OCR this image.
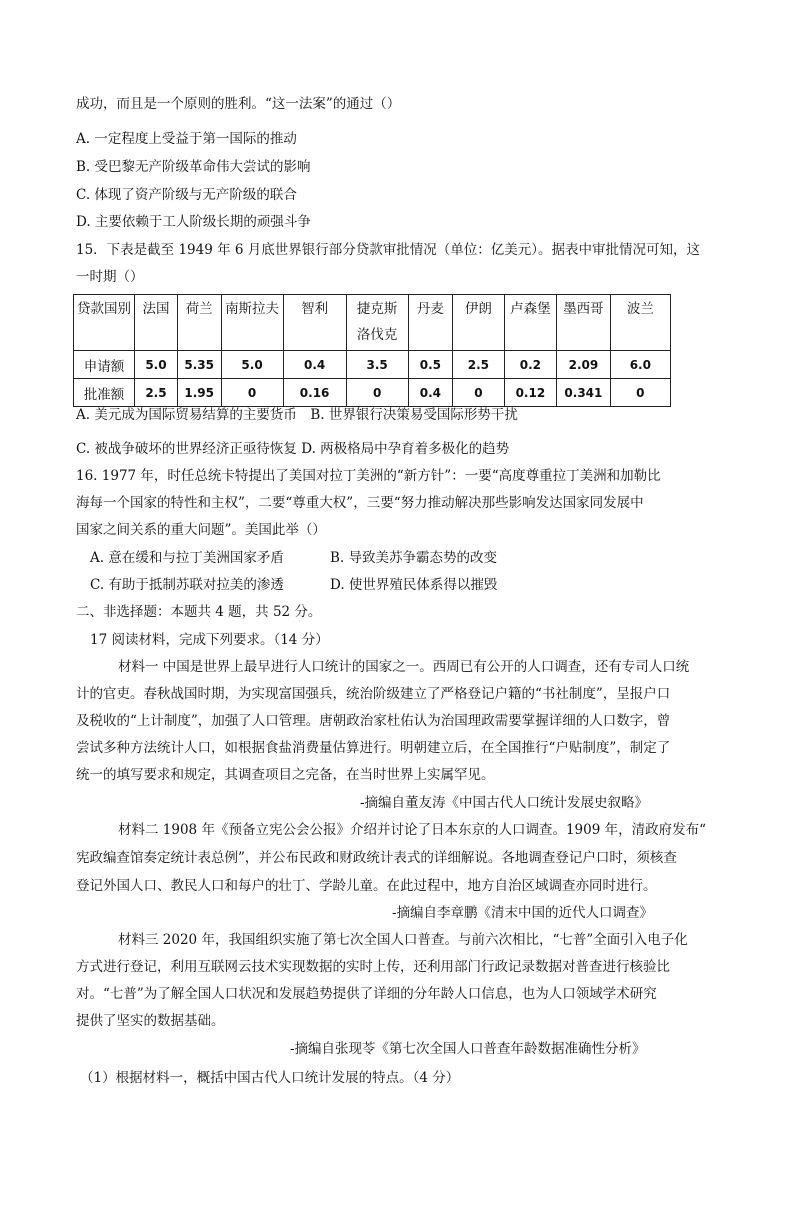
成功，而且是一个原则的胜利。“这一法案”的通过（）
A. 一定程度上受益于第一国际的推动
B. 受巴黎无产阶级革命伟大尝试的影响
C. 体现了资产阶级与无产阶级的联合
D. 主要依赖于工人阶级长期的顽强斗争
15．下表是截至 1949 年 6 月底世界银行部分贷款审批情况（单位：亿美元）。据表中审批情况可知，这
一时期（）
贷款国别	法国	荷兰	南斯拉夫	智利	捷克斯洛伐克	丹麦	伊朗	卢森堡	墨西哥	波兰
申请额	5.0	5.35	5.0	0.4	3.5	0.5	2.5	0.2	2.09	6.0
批准额	2.5	1.95	0	0.16	0	0.4	0	0.12	0.341	0
A. 美元成为国际贸易结算的主要货币　B. 世界银行决策易受国际形势干扰
C. 被战争破坏的世界经济正亟待恢复 D. 两极格局中孕育着多极化的趋势
16. 1977 年，时任总统卡特提出了美国对拉丁美洲的“新方针”：一要“高度尊重拉丁美洲和加勒比
海每一个国家的特性和主权”，二要“尊重大权”，三要“努力推动解决那些影响发达国家同发展中
国家之间关系的重大问题”。美国此举（）
A. 意在缓和与拉丁美洲国家矛盾	B. 导致美苏争霸态势的改变
C. 有助于抵制苏联对拉美的渗透	D. 使世界殖民体系得以摧毁
二、非选择题：本题共 4 题，共 52 分。
17 阅读材料，完成下列要求。（14 分）
材料一 中国是世界上最早进行人口统计的国家之一。西周已有公开的人口调查，还有专司人口统
计的官吏。春秋战国时期，为实现富国强兵，统治阶级建立了严格登记户籍的“书社制度”，呈报户口
及税收的“上计制度”，加强了人口管理。唐朝政治家杜佑认为治国理政需要掌握详细的人口数字，曾
尝试多种方法统计人口，如根据食盐消费量估算进行。明朝建立后，在全国推行“户贴制度”，制定了
统一的填写要求和规定，其调查项目之完备，在当时世界上实属罕见。
-摘编自董友涛《中国古代人口统计发展史叙略》
材料二 1908 年《预备立宪公会公报》介绍并讨论了日本东京的人口调查。1909 年，清政府发布“
宪政编查馆奏定统计表总例”，并公布民政和财政统计表式的详细解说。各地调查登记户口时，须核查
登记外国人口、教民人口和每户的壮丁、学龄儿童。在此过程中，地方自治区域调查亦同时进行。
-摘编自李章鹏《清末中国的近代人口调查》
材料三 2020 年，我国组织实施了第七次全国人口普查。与前六次相比，“七普”全面引入电子化
方式进行登记，利用互联网云技术实现数据的实时上传，还利用部门行政记录数据对普查进行核验比
对。“七普”为了解全国人口状况和发展趋势提供了详细的分年龄人口信息，也为人口领域学术研究
提供了坚实的数据基础。
-摘编自张现苓《第七次全国人口普查年龄数据准确性分析》
（1）根据材料一，概括中国古代人口统计发展的特点。（4 分）
